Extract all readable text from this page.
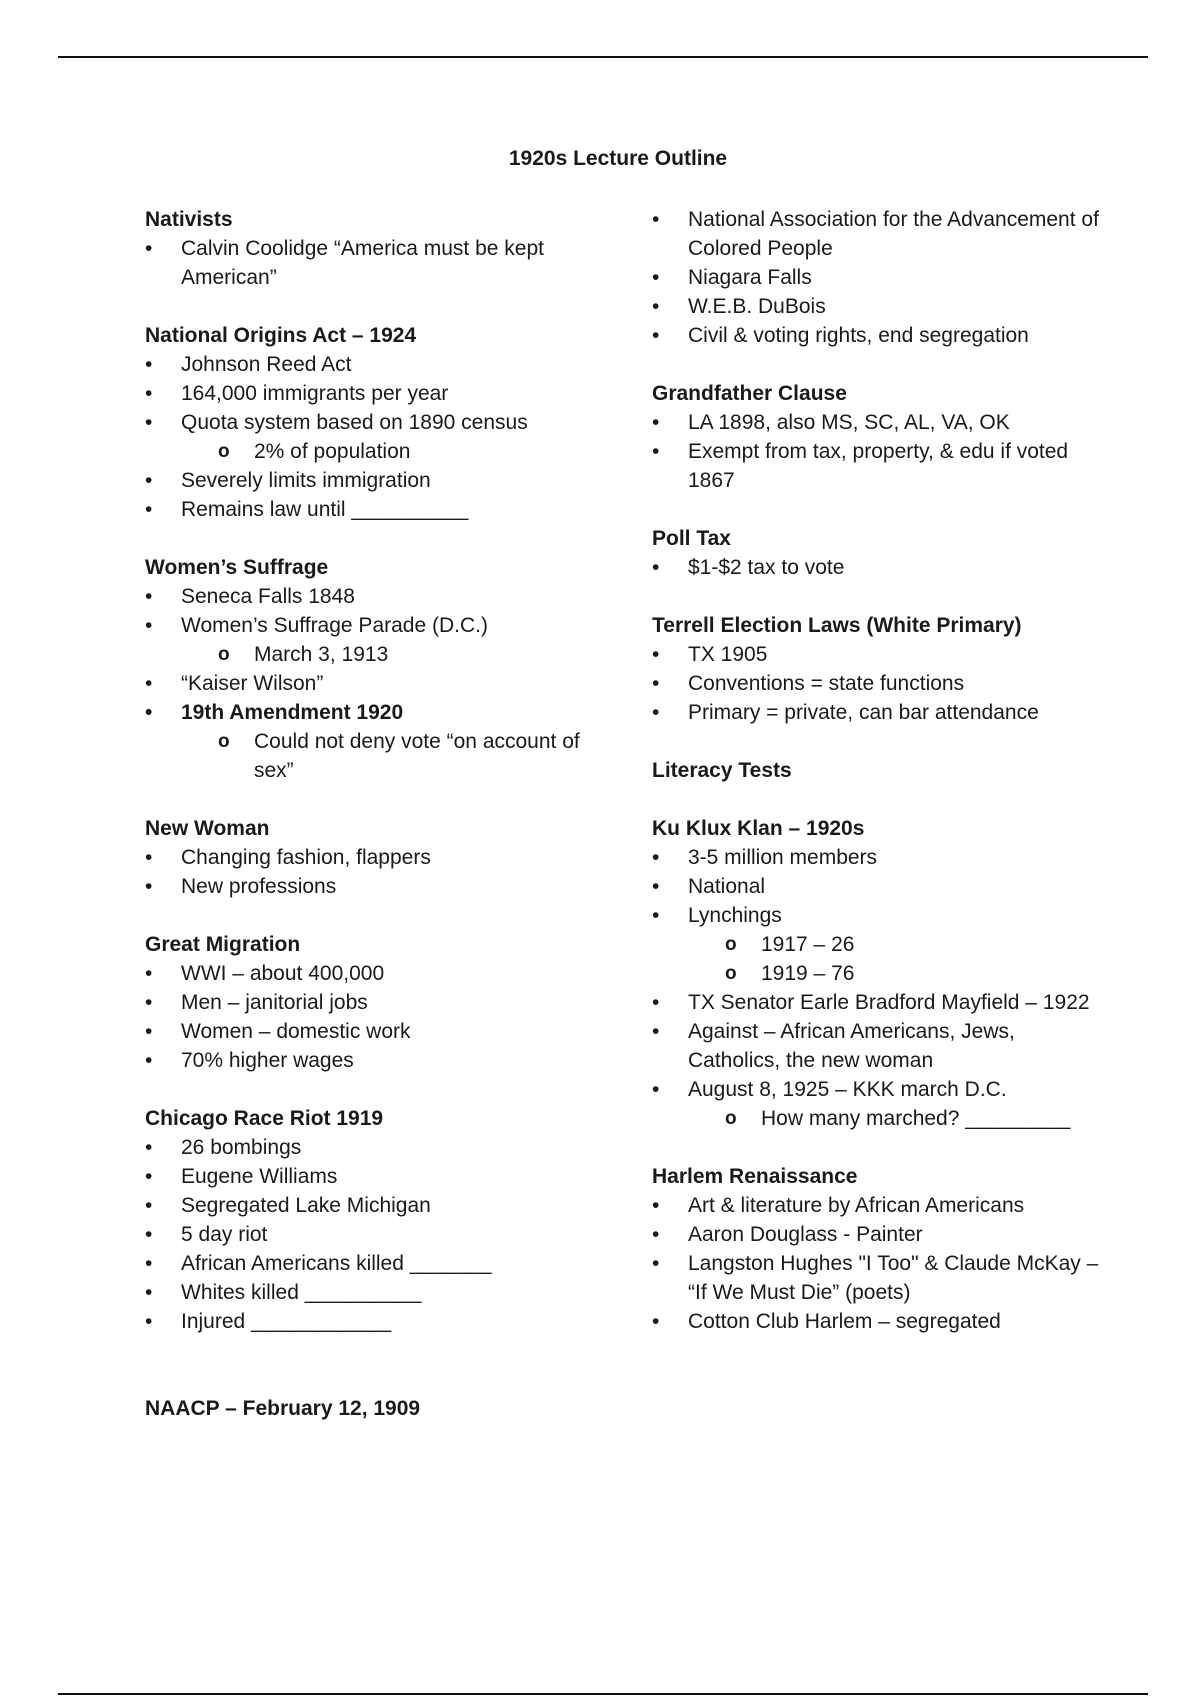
1920s Lecture Outline
Nativists
• Calvin Coolidge “America must be kept American”
National Origins Act – 1924
• Johnson Reed Act
• 164,000 immigrants per year
• Quota system based on 1890 census
o 2% of population
• Severely limits immigration
• Remains law until __________
Women’s Suffrage
• Seneca Falls 1848
• Women’s Suffrage Parade (D.C.)
o March 3, 1913
• “Kaiser Wilson”
• 19th Amendment 1920
o Could not deny vote “on account of sex”
New Woman
• Changing fashion, flappers
• New professions
Great Migration
• WWI – about 400,000
• Men – janitorial jobs
• Women – domestic work
• 70% higher wages
Chicago Race Riot 1919
• 26 bombings
• Eugene Williams
• Segregated Lake Michigan
• 5 day riot
• African Americans killed _______
• Whites killed __________
• Injured ____________
NAACP – February 12, 1909
• National Association for the Advancement of Colored People
• Niagara Falls
• W.E.B. DuBois
• Civil & voting rights, end segregation
Grandfather Clause
• LA 1898, also MS, SC, AL, VA, OK
• Exempt from tax, property, & edu if voted 1867
Poll Tax
• $1-$2 tax to vote
Terrell Election Laws (White Primary)
• TX 1905
• Conventions = state functions
• Primary = private, can bar attendance
Literacy Tests
Ku Klux Klan – 1920s
• 3-5 million members
• National
• Lynchings
o 1917 – 26
o 1919 – 76
• TX Senator Earle Bradford Mayfield – 1922
• Against – African Americans, Jews, Catholics, the new woman
• August 8, 1925 – KKK march D.C.
o How many marched? _________
Harlem Renaissance
• Art & literature by African Americans
• Aaron Douglass - Painter
• Langston Hughes "I Too" & Claude McKay – “If We Must Die” (poets)
• Cotton Club Harlem – segregated
